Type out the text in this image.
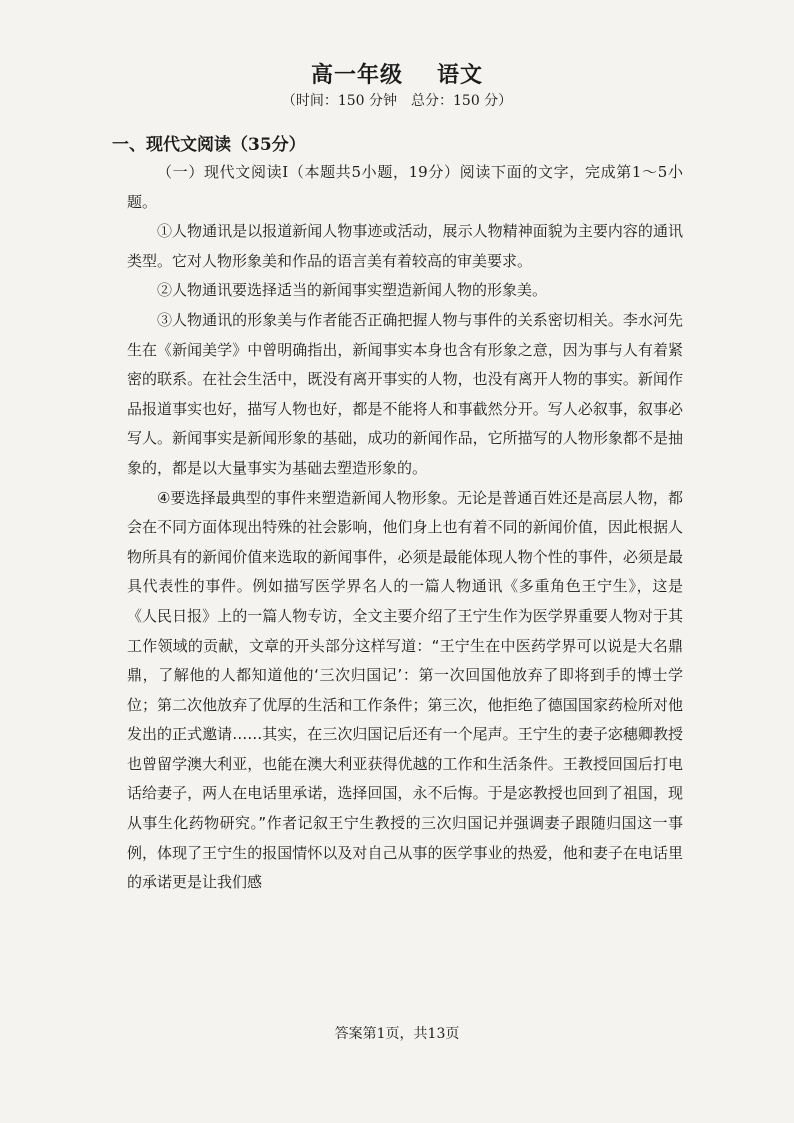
高一年级 语文
（时间：150 分钟　总分：150 分）
一、现代文阅读（35分）

（一）现代文阅读Ⅰ（本题共5小题，19分）阅读下面的文字，完成第1～5小题。

①人物通讯是以报道新闻人物事迹或活动，展示人物精神面貌为主要内容的通讯类型。它对人物形象美和作品的语言美有着较高的审美要求。

②人物通讯要选择适当的新闻事实塑造新闻人物的形象美。

③人物通讯的形象美与作者能否正确把握人物与事件的关系密切相关。李水河先生在《新闻美学》中曾明确指出，新闻事实本身也含有形象之意，因为事与人有着紧密的联系。在社会生活中，既没有离开事实的人物，也没有离开人物的事实。新闻作品报道事实也好，描写人物也好，都是不能将人和事截然分开。写人必叙事，叙事必写人。新闻事实是新闻形象的基础，成功的新闻作品，它所描写的人物形象都不是抽象的，都是以大量事实为基础去塑造形象的。

④要选择最典型的事件来塑造新闻人物形象。无论是普通百姓还是高层人物，都会在不同方面体现出特殊的社会影响，他们身上也有着不同的新闻价值，因此根据人物所具有的新闻价值来选取的新闻事件，必须是最能体现人物个性的事件，必须是最具代表性的事件。例如描写医学界名人的一篇人物通讯《多重角色王宁生》，这是《人民日报》上的一篇人物专访，全文主要介绍了王宁生作为医学界重要人物对于其工作领域的贡献，文章的开头部分这样写道：“王宁生在中医药学界可以说是大名鼎鼎，了解他的人都知道他的‘三次归国记’：第一次回国他放弃了即将到手的博士学位；第二次他放弃了优厚的生活和工作条件；第三次，他拒绝了德国国家药检所对他发出的正式邀请……其实，在三次归国记后还有一个尾声。王宁生的妻子宓穗卿教授也曾留学澳大利亚，也能在澳大利亚获得优越的工作和生活条件。王教授回国后打电话给妻子，两人在电话里承诺，选择回国，永不后悔。于是宓教授也回到了祖国，现从事生化药物研究。”作者记叙王宁生教授的三次归国记并强调妻子跟随归国这一事例，体现了王宁生的报国情怀以及对自己从事的医学事业的热爱，他和妻子在电话里的承诺更是让我们感

答案第1页，共13页
